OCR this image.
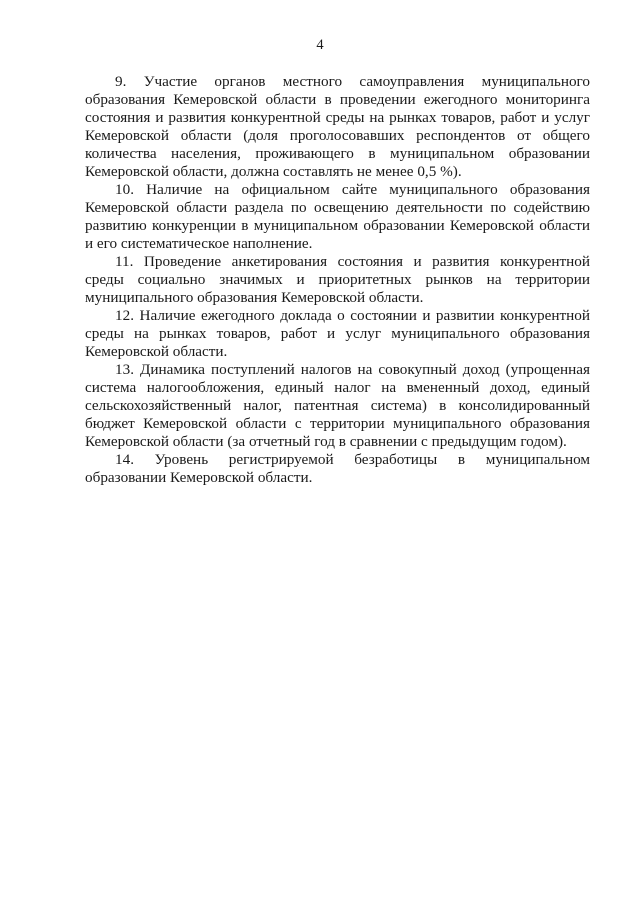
4

9. Участие органов местного самоуправления муниципального образования Кемеровской области в проведении ежегодного мониторинга состояния и развития конкурентной среды на рынках товаров, работ и услуг Кемеровской области (доля проголосовавших респондентов от общего количества населения, проживающего в муниципальном образовании Кемеровской области, должна составлять не менее 0,5 %).

10. Наличие на официальном сайте муниципального образования Кемеровской области раздела по освещению деятельности по содействию развитию конкуренции в муниципальном образовании Кемеровской области и его систематическое наполнение.

11. Проведение анкетирования состояния и развития конкурентной среды социально значимых и приоритетных рынков на территории муниципального образования Кемеровской области.

12. Наличие ежегодного доклада о состоянии и развитии конкурентной среды на рынках товаров, работ и услуг муниципального образования Кемеровской области.

13. Динамика поступлений налогов на совокупный доход (упрощенная система налогообложения, единый налог на вмененный доход, единый сельскохозяйственный налог, патентная система) в консолидированный бюджет Кемеровской области с территории муниципального образования Кемеровской области (за отчетный год в сравнении с предыдущим годом).

14. Уровень регистрируемой безработицы в муниципальном образовании Кемеровской области.
